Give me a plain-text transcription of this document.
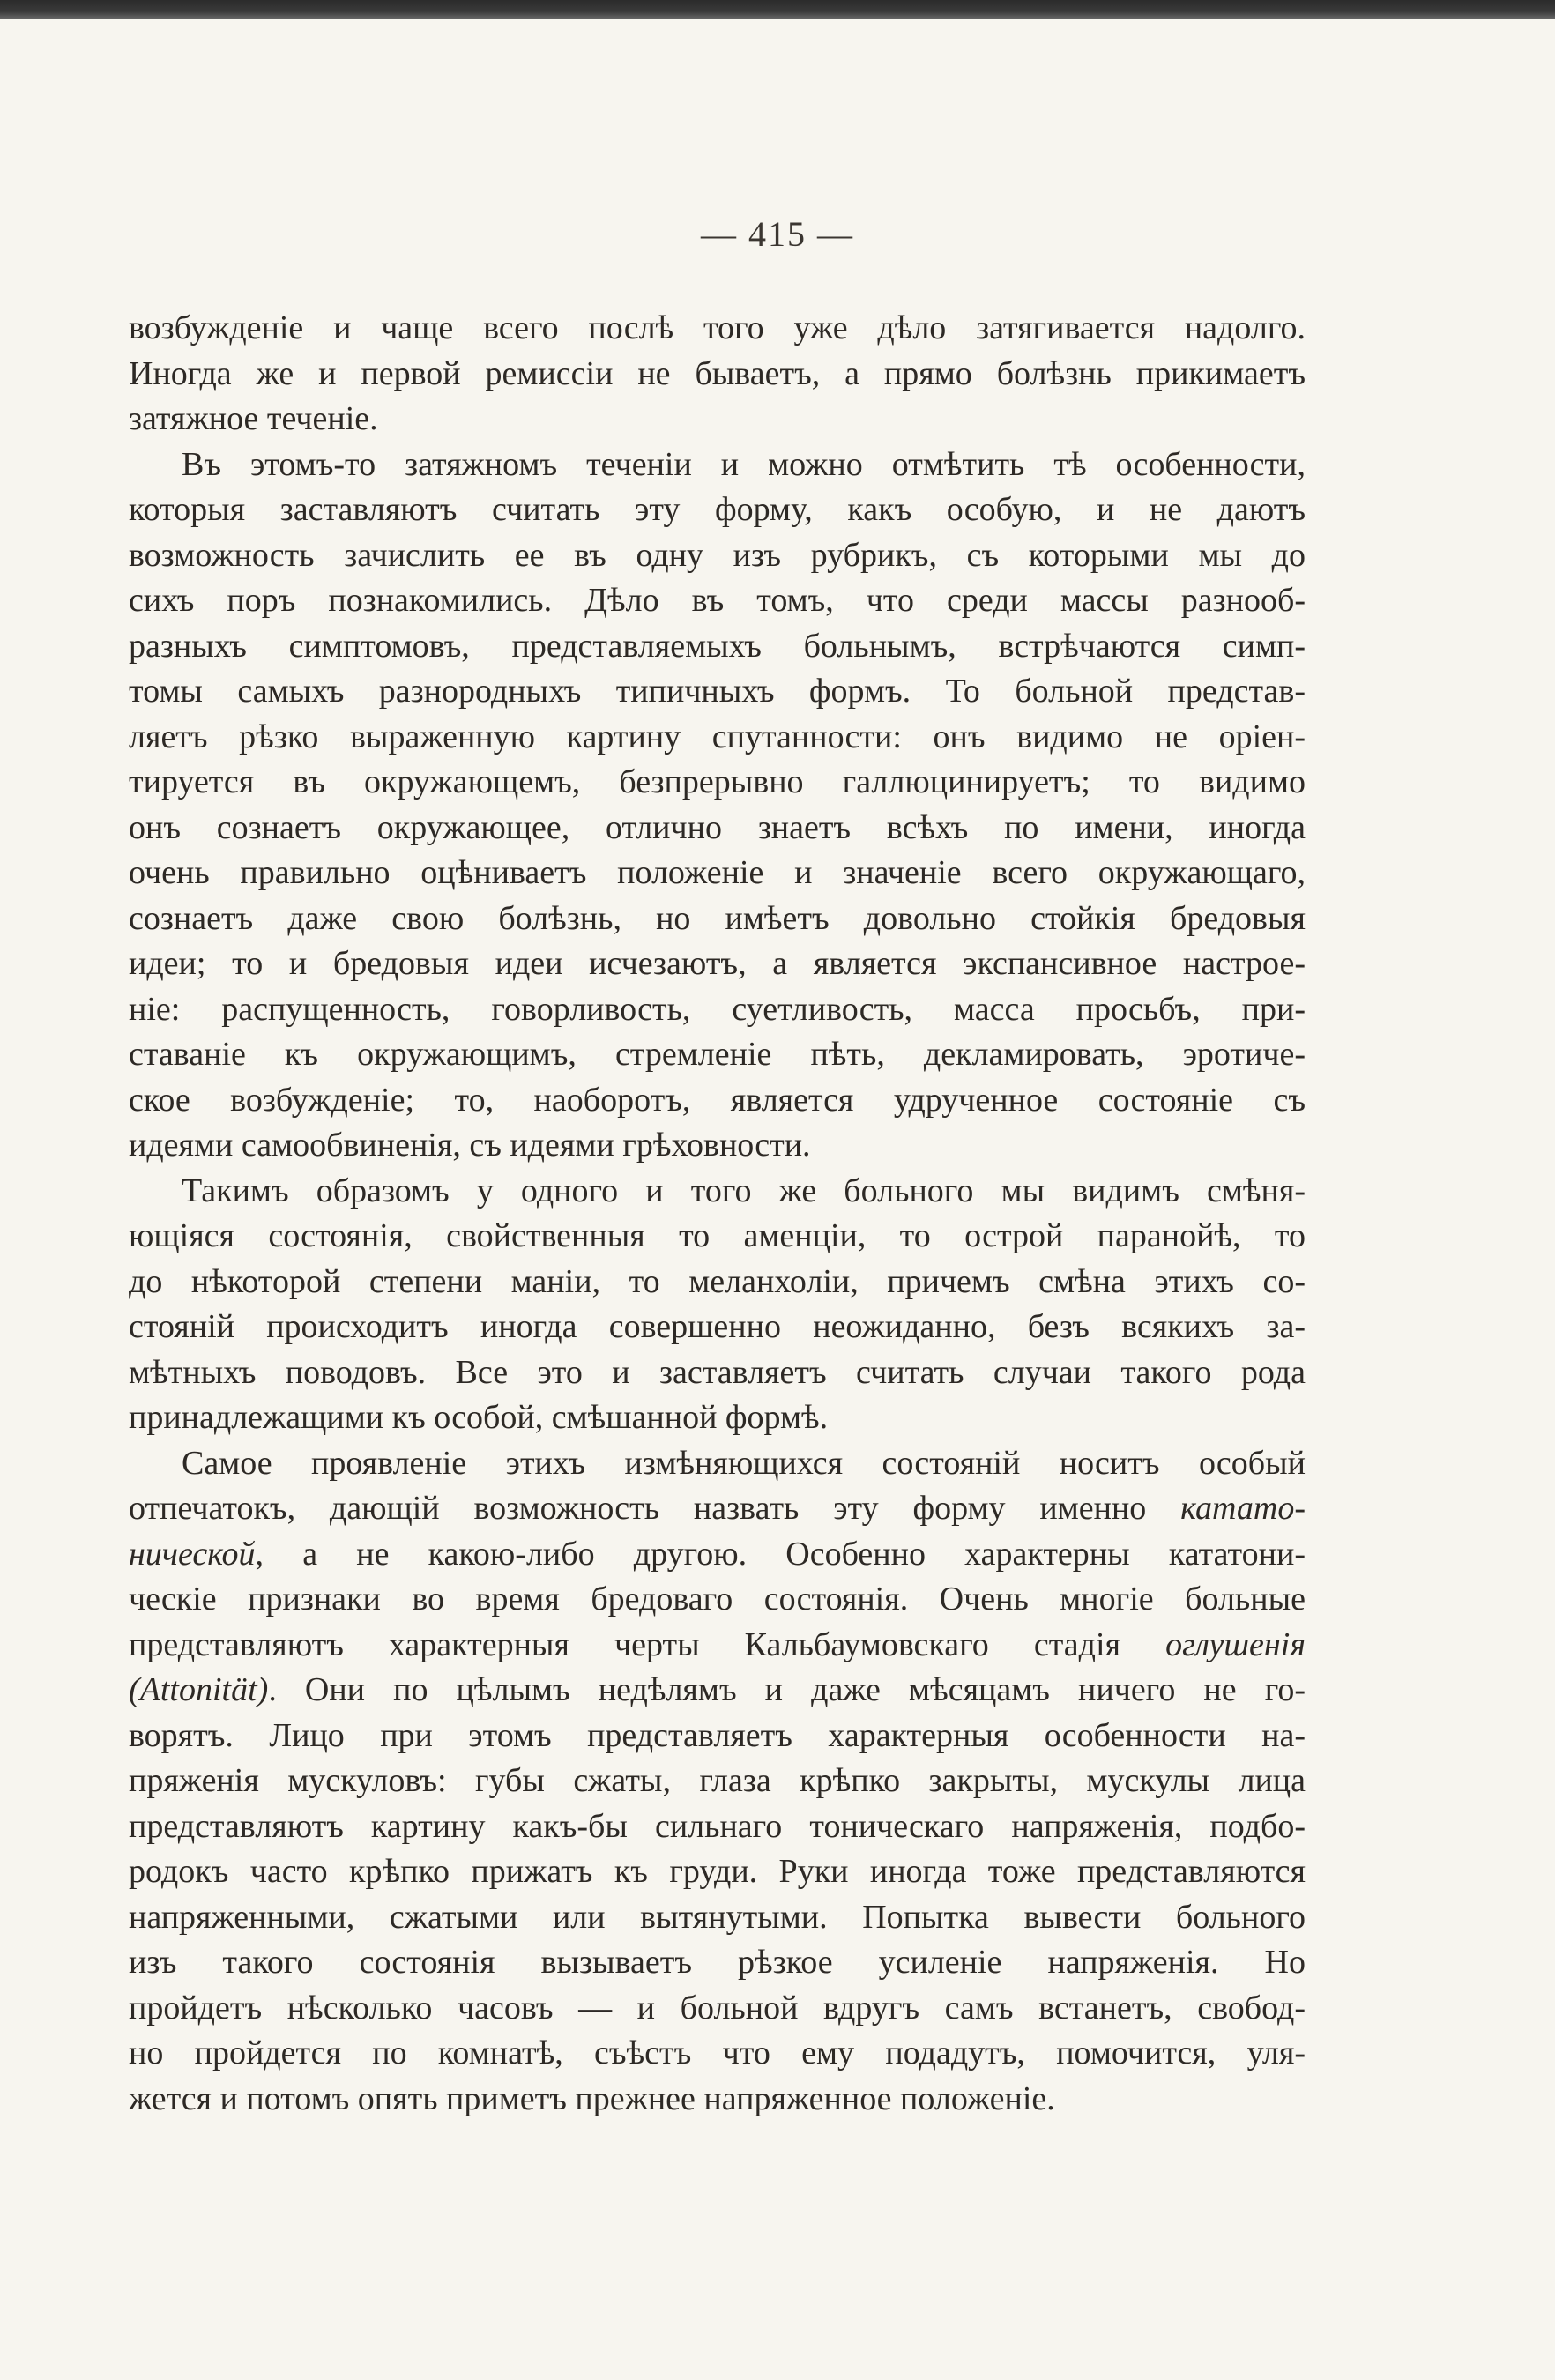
— 415 —

возбужденіе и чаще всего послѣ того уже дѣло затягивается надолго.
Иногда же и первой ремиссіи не бываетъ, а прямо болѣзнь прикимаетъ
затяжное теченіе.

Въ этомъ-то затяжномъ теченіи и можно отмѣтить тѣ особенности,
которыя заставляютъ считать эту форму, какъ особую, и не даютъ
возможность зачислить ее въ одну изъ рубрикъ, съ которыми мы до
сихъ поръ познакомились. Дѣло въ томъ, что среди массы разнооб-
разныхъ симптомовъ, представляемыхъ больнымъ, встрѣчаются симп-
томы самыхъ разнородныхъ типичныхъ формъ. То больной представ-
ляетъ рѣзко выраженную картину спутанности: онъ видимо не оріен-
тируется въ окружающемъ, безпрерывно галлюцинируетъ; то видимо
онъ сознаетъ окружающее, отлично знаетъ всѣхъ по имени, иногда
очень правильно оцѣниваетъ положеніе и значеніе всего окружающаго,
сознаетъ даже свою болѣзнь, но имѣетъ довольно стойкія бредовыя
идеи; то и бредовыя идеи исчезаютъ, а является экспансивное настрое-
ніе: распущенность, говорливость, суетливость, масса просьбъ, при-
ставаніе къ окружающимъ, стремленіе пѣть, декламировать, эротиче-
ское возбужденіе; то, наоборотъ, является удрученное состояніе съ
идеями самообвиненія, съ идеями грѣховности.

Такимъ образомъ у одного и того же больного мы видимъ смѣня-
ющіяся состоянія, свойственныя то аменціи, то острой паранойѣ, то
до нѣкоторой степени маніи, то меланхоліи, причемъ смѣна этихъ со-
стояній происходитъ иногда совершенно неожиданно, безъ всякихъ за-
мѣтныхъ поводовъ. Все это и заставляетъ считать случаи такого рода
принадлежащими къ особой, смѣшанной формѣ.

Самое проявленіе этихъ измѣняющихся состояній носитъ особый
отпечатокъ, дающій возможность назвать эту форму именно катато-
нической, а не какою-либо другою. Особенно характерны кататони-
ческіе признаки во время бредоваго состоянія. Очень многіе больные
представляютъ характерныя черты Кальбаумовскаго стадія оглушенія
(Attonität). Они по цѣлымъ недѣлямъ и даже мѣсяцамъ ничего не го-
ворятъ. Лицо при этомъ представляетъ характерныя особенности на-
пряженія мускуловъ: губы сжаты, глаза крѣпко закрыты, мускулы лица
представляютъ картину какъ-бы сильнаго тоническаго напряженія, подбо-
родокъ часто крѣпко прижатъ къ груди. Руки иногда тоже представляются
напряженными, сжатыми или вытянутыми. Попытка вывести больного
изъ такого состоянія вызываетъ рѣзкое усиленіе напряженія. Но
пройдетъ нѣсколько часовъ — и больной вдругъ самъ встанетъ, свобод-
но пройдется по комнатѣ, съѣстъ что ему подадутъ, помочится, уля-
жется и потомъ опять приметъ прежнее напряженное положеніе.
